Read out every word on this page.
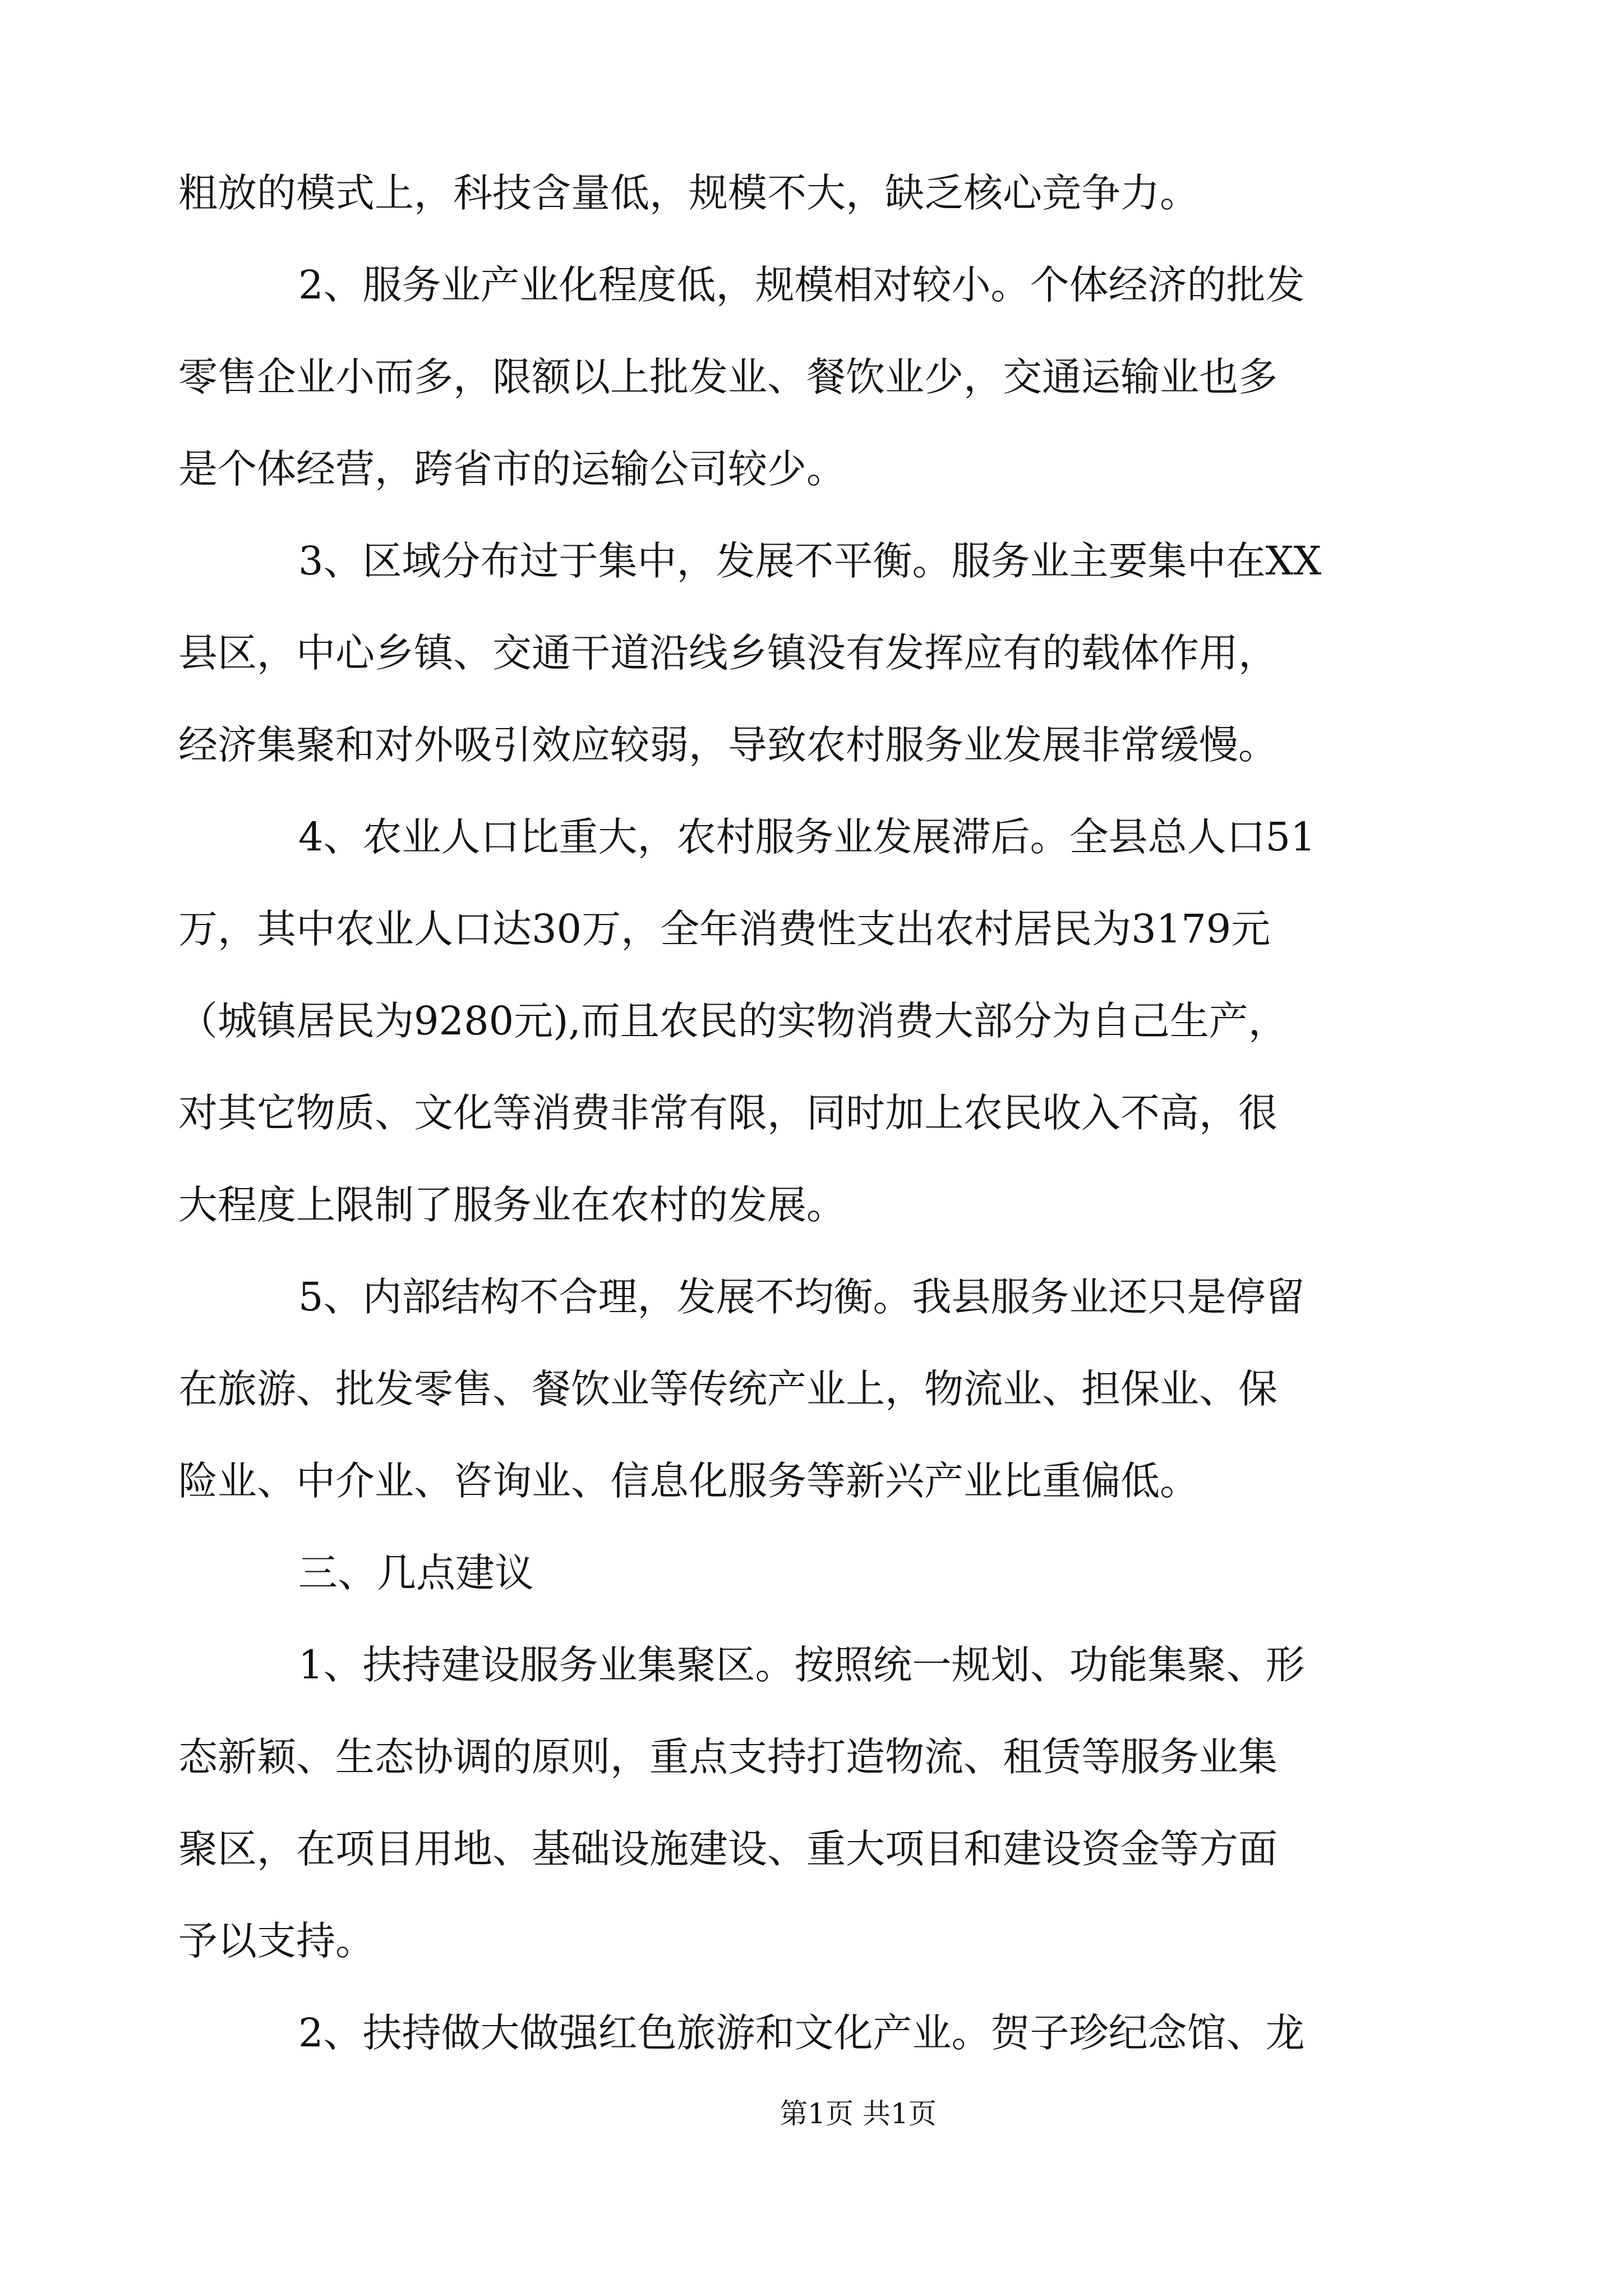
粗放的模式上，科技含量低，规模不大，缺乏核心竞争力。

2、服务业产业化程度低，规模相对较小。个体经济的批发

零售企业小而多，限额以上批发业、餐饮业少，交通运输业也多

是个体经营，跨省市的运输公司较少。

3、区域分布过于集中，发展不平衡。服务业主要集中在XX

县区，中心乡镇、交通干道沿线乡镇没有发挥应有的载体作用，

经济集聚和对外吸引效应较弱，导致农村服务业发展非常缓慢。

4、农业人口比重大，农村服务业发展滞后。全县总人口51

万，其中农业人口达30万，全年消费性支出农村居民为3179元

（城镇居民为9280元),而且农民的实物消费大部分为自己生产，

对其它物质、文化等消费非常有限，同时加上农民收入不高，很

大程度上限制了服务业在农村的发展。

5、内部结构不合理，发展不均衡。我县服务业还只是停留

在旅游、批发零售、餐饮业等传统产业上，物流业、担保业、保

险业、中介业、咨询业、信息化服务等新兴产业比重偏低。

三、几点建议

1、扶持建设服务业集聚区。按照统一规划、功能集聚、形

态新颖、生态协调的原则，重点支持打造物流、租赁等服务业集

聚区，在项目用地、基础设施建设、重大项目和建设资金等方面

予以支持。

2、扶持做大做强红色旅游和文化产业。贺子珍纪念馆、龙

第1页 共1页
